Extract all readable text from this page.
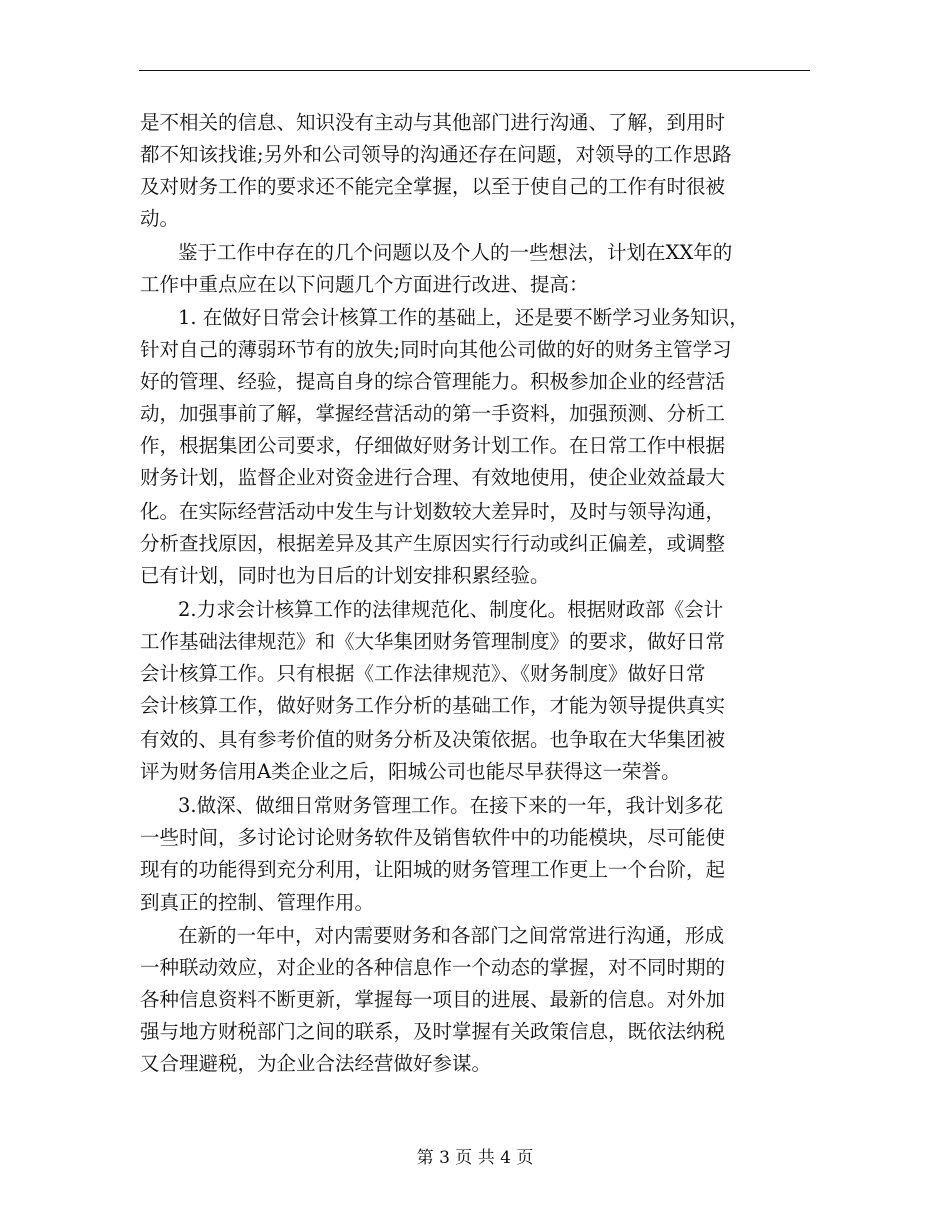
是不相关的信息、知识没有主动与其他部门进行沟通、了解，到用时
都不知该找谁;另外和公司领导的沟通还存在问题，对领导的工作思路
及对财务工作的要求还不能完全掌握，以至于使自己的工作有时很被
动。
鉴于工作中存在的几个问题以及个人的一些想法，计划在XX年的
工作中重点应在以下问题几个方面进行改进、提高：
1. 在做好日常会计核算工作的基础上，还是要不断学习业务知识，
针对自己的薄弱环节有的放失;同时向其他公司做的好的财务主管学习
好的管理、经验，提高自身的综合管理能力。积极参加企业的经营活
动，加强事前了解，掌握经营活动的第一手资料，加强预测、分析工
作，根据集团公司要求，仔细做好财务计划工作。在日常工作中根据
财务计划，监督企业对资金进行合理、有效地使用，使企业效益最大
化。在实际经营活动中发生与计划数较大差异时，及时与领导沟通，
分析查找原因，根据差异及其产生原因实行行动或纠正偏差，或调整
已有计划，同时也为日后的计划安排积累经验。
2.力求会计核算工作的法律规范化、制度化。根据财政部《会计
工作基础法律规范》和《大华集团财务管理制度》的要求，做好日常
会计核算工作。只有根据《工作法律规范》、《财务制度》做好日常
会计核算工作，做好财务工作分析的基础工作，才能为领导提供真实
有效的、具有参考价值的财务分析及决策依据。也争取在大华集团被
评为财务信用A类企业之后，阳城公司也能尽早获得这一荣誉。
3.做深、做细日常财务管理工作。在接下来的一年，我计划多花
一些时间，多讨论讨论财务软件及销售软件中的功能模块，尽可能使
现有的功能得到充分利用，让阳城的财务管理工作更上一个台阶，起
到真正的控制、管理作用。
在新的一年中，对内需要财务和各部门之间常常进行沟通，形成
一种联动效应，对企业的各种信息作一个动态的掌握，对不同时期的
各种信息资料不断更新，掌握每一项目的进展、最新的信息。对外加
强与地方财税部门之间的联系，及时掌握有关政策信息，既依法纳税
又合理避税，为企业合法经营做好参谋。
第 3 页 共 4 页
